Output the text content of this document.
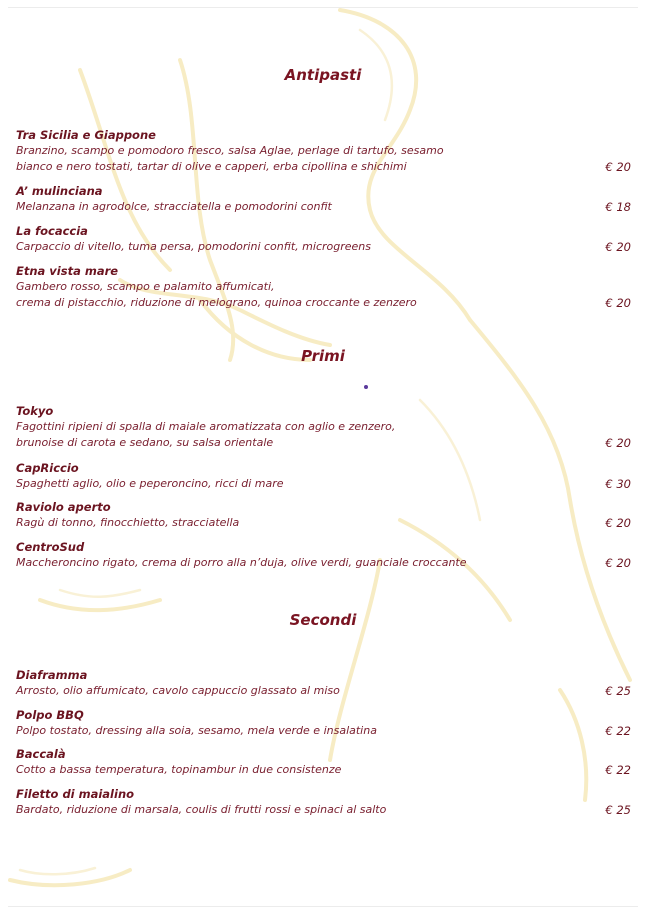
Antipasti
Tra Sicilia e Giappone
Branzino, scampo e pomodoro fresco, salsa Aglae, perlage di tartufo, sesamo
bianco e nero tostati, tartar di olive e capperi, erba cipollina e shichimi	€ 20
A’ mulinciana
Melanzana in agrodolce, stracciatella e pomodorini confit	€ 18
La focaccia
Carpaccio di vitello, tuma persa, pomodorini confit, microgreens	€ 20
Etna vista mare
Gambero rosso, scampo e palamito affumicati,
crema di pistacchio, riduzione di melograno, quinoa croccante e zenzero	€ 20
Primi
Tokyo
Fagottini ripieni di spalla di maiale aromatizzata con aglio e zenzero,
brunoise di carota e sedano, su salsa orientale	€ 20
CapRiccio
Spaghetti aglio, olio e peperoncino, ricci di mare	€ 30
Raviolo aperto
Ragù di tonno, finocchietto, stracciatella	€ 20
CentroSud
Maccheroncino rigato, crema di porro alla n’duja, olive verdi, guanciale croccante	€ 20
Secondi
Diaframma
Arrosto, olio affumicato, cavolo cappuccio glassato al miso	€ 25
Polpo BBQ
Polpo tostato, dressing alla soia, sesamo, mela verde e insalatina	€ 22
Baccalà
Cotto a bassa temperatura, topinambur in due consistenze	€ 22
Filetto di maialino
Bardato, riduzione di marsala, coulis di frutti rossi e spinaci al salto	€ 25
